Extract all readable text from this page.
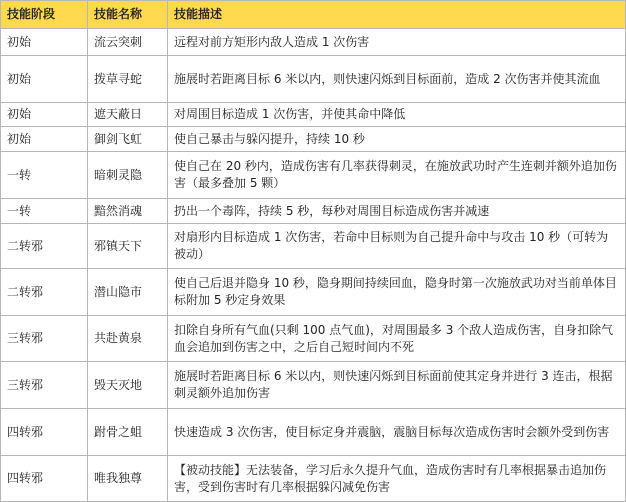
技能阶段	技能名称	技能描述
初始	流云突刺	远程对前方矩形内敌人造成 1 次伤害
初始	拨草寻蛇	施展时若距离目标 6 米以内，则快速闪烁到目标面前，造成 2 次伤害并使其流血
初始	遮天蔽日	对周围目标造成 1 次伤害，并使其命中降低
初始	御剑飞虹	使自己暴击与躲闪提升，持续 10 秒
一转	暗刺灵隐	使自己在 20 秒内，造成伤害有几率获得刺灵，在施放武功时产生连刺并额外追加伤害（最多叠加 5 颗）
一转	黯然消魂	扔出一个毒阵，持续 5 秒，每秒对周围目标造成伤害并减速
二转邪	邪镇天下	对扇形内目标造成 1 次伤害，若命中目标则为自己提升命中与攻击 10 秒（可转为被动）
二转邪	潜山隐市	使自己后退并隐身 10 秒，隐身期间持续回血，隐身时第一次施放武功对当前单体目标附加 5 秒定身效果
三转邪	共赴黄泉	扣除自身所有气血(只剩 100 点气血)，对周围最多 3 个敌人造成伤害，自身扣除气血会追加到伤害之中，之后自己短时间内不死
三转邪	毁天灭地	施展时若距离目标 6 米以内，则快速闪烁到目标面前使其定身并进行 3 连击，根据刺灵额外追加伤害
四转邪	跗骨之蛆	快速造成 3 次伤害，使目标定身并震脑，震脑目标每次造成伤害时会额外受到伤害
四转邪	唯我独尊	【被动技能】无法装备，学习后永久提升气血，造成伤害时有几率根据暴击追加伤害，受到伤害时有几率根据躲闪减免伤害
